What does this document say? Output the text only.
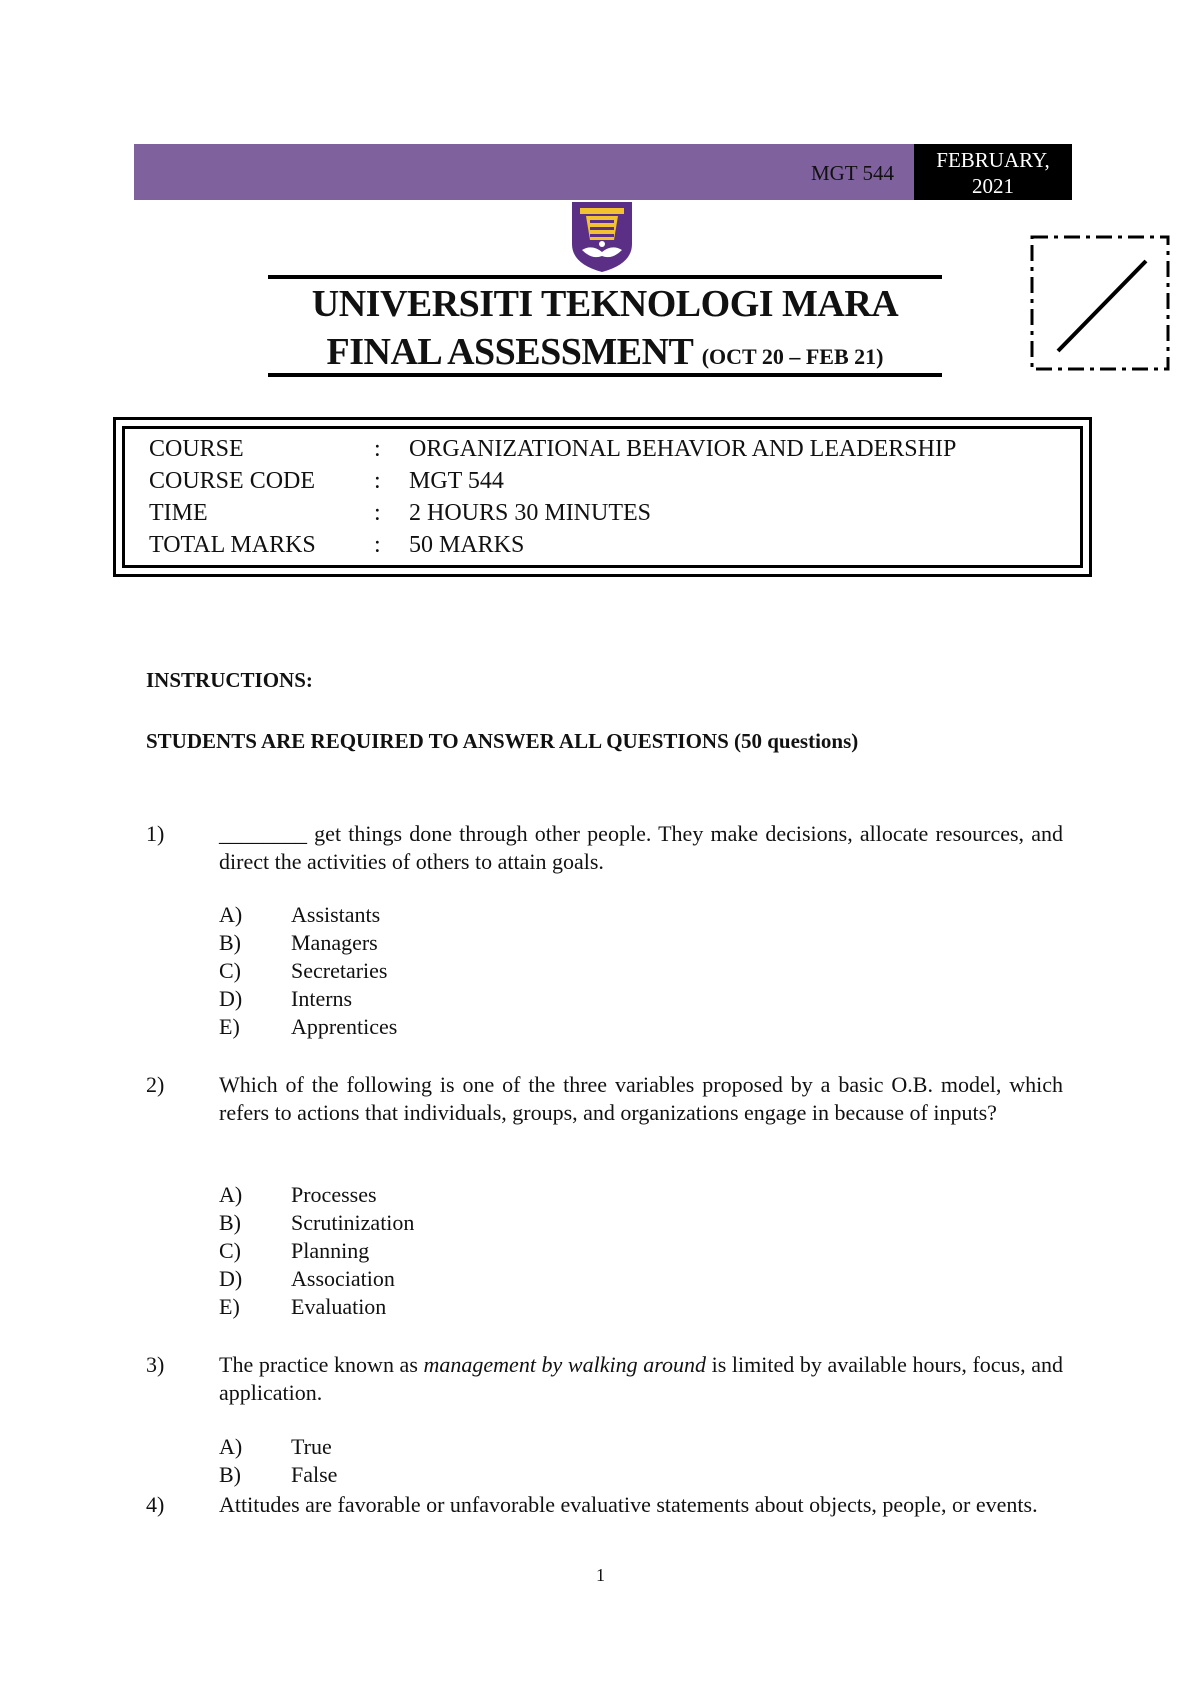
MGT 544
FEBRUARY,
2021
UNIVERSITI TEKNOLOGI MARA
FINAL ASSESSMENT (OCT 20 – FEB 21)
COURSE	: ORGANIZATIONAL BEHAVIOR AND LEADERSHIP
COURSE CODE : MGT 544
TIME	: 2 HOURS 30 MINUTES
TOTAL MARKS : 50 MARKS
INSTRUCTIONS:
STUDENTS ARE REQUIRED TO ANSWER ALL QUESTIONS (50 questions)
1) ________ get things done through other people. They make decisions, allocate resources, and direct the activities of others to attain goals.
A) Assistants
B) Managers
C) Secretaries
D) Interns
E) Apprentices
2) Which of the following is one of the three variables proposed by a basic O.B. model, which refers to actions that individuals, groups, and organizations engage in because of inputs?
A) Processes
B) Scrutinization
C) Planning
D) Association
E) Evaluation
3) The practice known as management by walking around is limited by available hours, focus, and application.
A) True
B) False
4) Attitudes are favorable or unfavorable evaluative statements about objects, people, or events.
1
